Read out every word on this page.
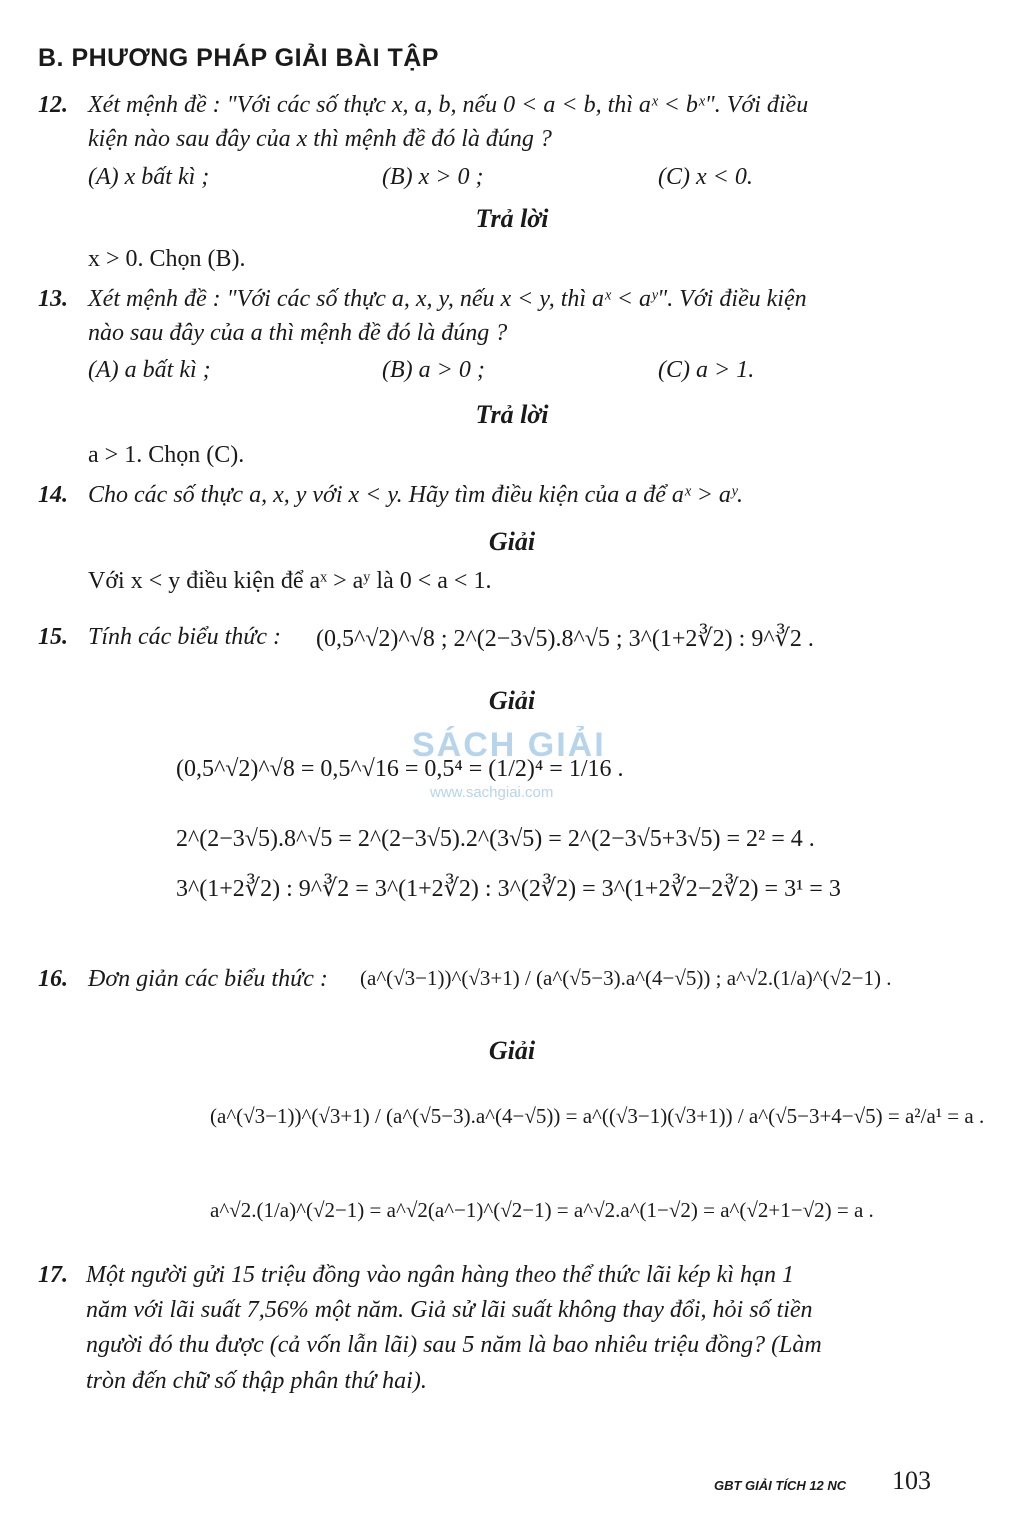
B. PHƯƠNG PHÁP GIẢI BÀI TẬP
12. Xét mệnh đề : "Với các số thực x, a, b, nếu 0 < a < b, thì aˣ < bˣ". Với điều
kiện nào sau đây của x thì mệnh đề đó là đúng ?
(A) x bất kì ;	(B) x > 0 ;	(C) x < 0.
Trả lời
x > 0. Chọn (B).
13. Xét mệnh đề : "Với các số thực a, x, y, nếu x < y, thì aˣ < aʸ". Với điều kiện
nào sau đây của a thì mệnh đề đó là đúng ?
(A) a bất kì ;	(B) a > 0 ;	(C) a > 1.
Trả lời
a > 1. Chọn (C).
14. Cho các số thực a, x, y với x < y. Hãy tìm điều kiện của a để aˣ > aʸ.
Giải
Với x < y điều kiện để aˣ > aʸ là 0 < a < 1.
15. Tính các biểu thức : (0,5^√2)^√8 ; 2^(2−3√5).8^√5 ; 3^(1+2∛2) : 9^∛2 .
Giải
SÁCH GIẢI
www.sachgiai.com
(0,5^√2)^√8 = 0,5^√16 = 0,5⁴ = (1/2)⁴ = 1/16 .
2^(2−3√5).8^√5 = 2^(2−3√5).2^(3√5) = 2^(2−3√5+3√5) = 2² = 4 .
3^(1+2∛2) : 9^∛2 = 3^(1+2∛2) : 3^(2∛2) = 3^(1+2∛2−2∛2) = 3¹ = 3
16. Đơn giản các biểu thức : (a^(√3−1))^(√3+1) / (a^(√5−3).a^(4−√5)) ; a^√2.(1/a)^(√2−1) .
Giải
(a^(√3−1))^(√3+1) / (a^(√5−3).a^(4−√5)) = a^((√3−1)(√3+1)) / a^(√5−3+4−√5) = a²/a¹ = a .
a^√2.(1/a)^(√2−1) = a^√2(a^−1)^(√2−1) = a^√2.a^(1−√2) = a^(√2+1−√2) = a .
17. Một người gửi 15 triệu đồng vào ngân hàng theo thể thức lãi kép kì hạn 1
năm với lãi suất 7,56% một năm. Giả sử lãi suất không thay đổi, hỏi số tiền
người đó thu được (cả vốn lẫn lãi) sau 5 năm là bao nhiêu triệu đồng? (Làm
tròn đến chữ số thập phân thứ hai).
GBT GIẢI TÍCH 12 NC 103
